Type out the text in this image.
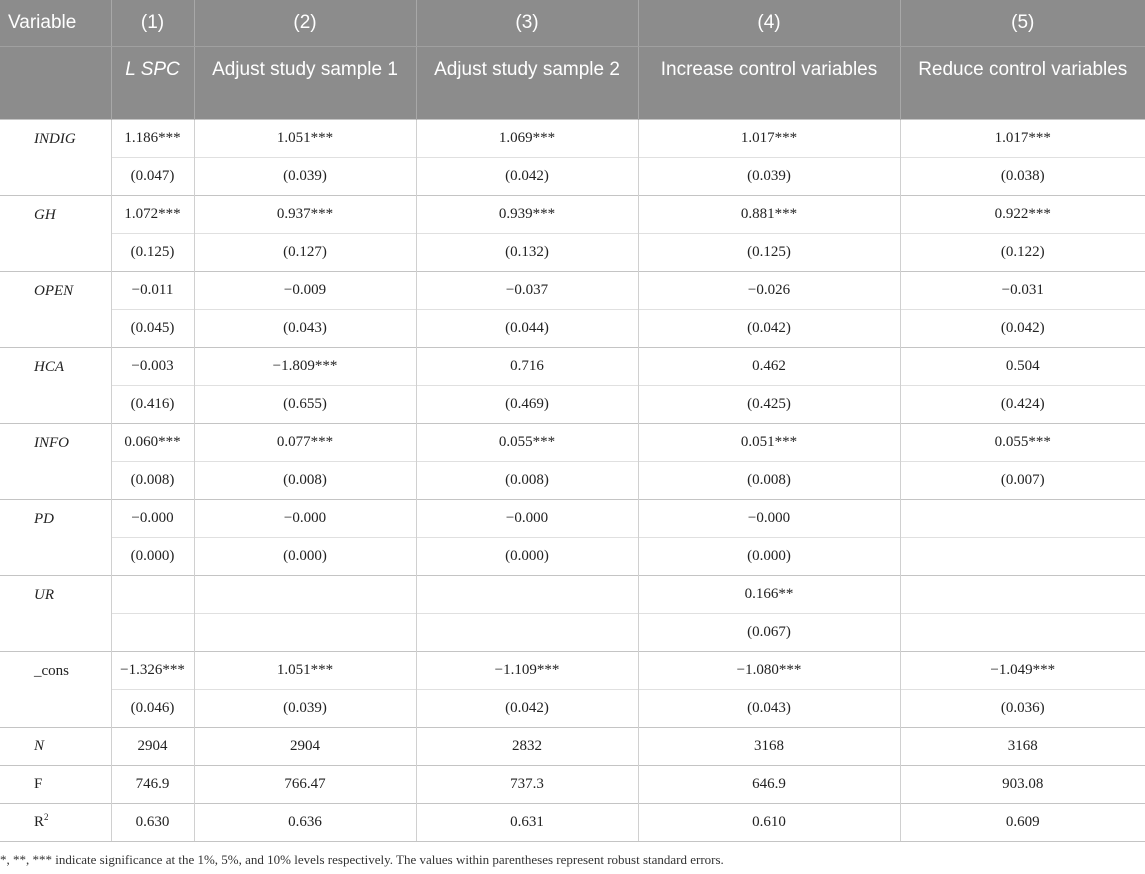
Variable	(1)	(2)	(3)	(4)	(5)
	L SPC	Adjust study sample 1	Adjust study sample 2	Increase control variables	Reduce control variables
INDIG	1.186***	1.051***	1.069***	1.017***	1.017***
	(0.047)	(0.039)	(0.042)	(0.039)	(0.038)
GH	1.072***	0.937***	0.939***	0.881***	0.922***
	(0.125)	(0.127)	(0.132)	(0.125)	(0.122)
OPEN	−0.011	−0.009	−0.037	−0.026	−0.031
	(0.045)	(0.043)	(0.044)	(0.042)	(0.042)
HCA	−0.003	−1.809***	0.716	0.462	0.504
	(0.416)	(0.655)	(0.469)	(0.425)	(0.424)
INFO	0.060***	0.077***	0.055***	0.051***	0.055***
	(0.008)	(0.008)	(0.008)	(0.008)	(0.007)
PD	−0.000	−0.000	−0.000	−0.000	
	(0.000)	(0.000)	(0.000)	(0.000)	
UR				0.166**	
				(0.067)	
_cons	−1.326***	1.051***	−1.109***	−1.080***	−1.049***
	(0.046)	(0.039)	(0.042)	(0.043)	(0.036)
N	2904	2904	2832	3168	3168
F	746.9	766.47	737.3	646.9	903.08
$R^2$	0.630	0.636	0.631	0.610	0.609
*, **, *** indicate significance at the 1%, 5%, and 10% levels respectively. The values within parentheses represent robust standard errors.
